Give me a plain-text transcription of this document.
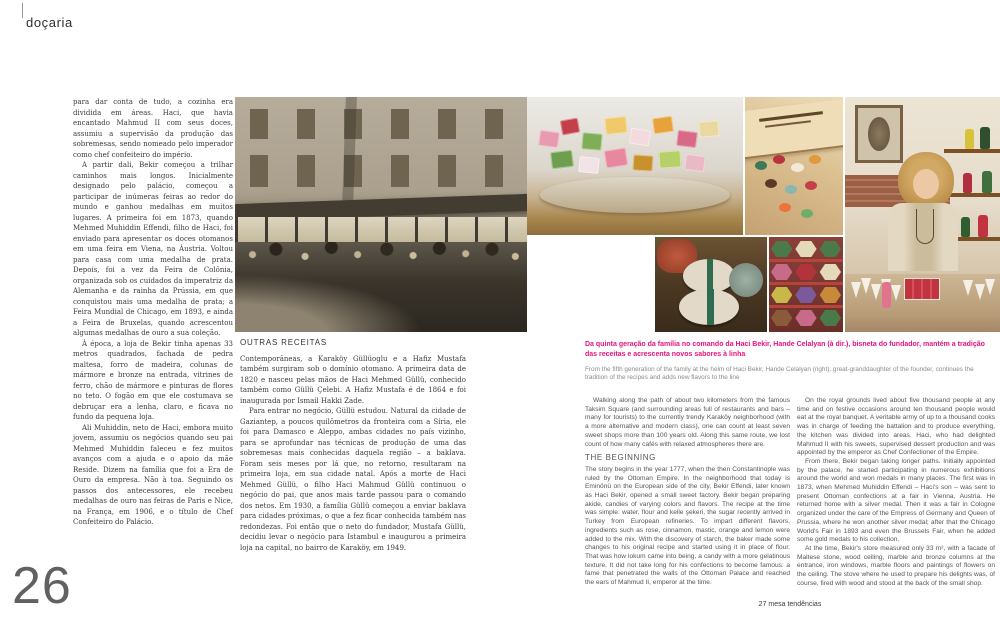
doçaria

para dar conta de tudo, a cozinha era dividida em áreas. Haci, que havia encantado Mahmud II com seus doces, assumiu a supervisão da produção das sobremesas, sendo nomeado pelo imperador como chef confeiteiro do império.

A partir dali, Bekir começou a trilhar caminhos mais longos. Inicialmente designado pelo palácio, começou a participar de inúmeras feiras ao redor do mundo e ganhou medalhas em muitos lugares. A primeira foi em 1873, quando Mehmed Muhiddin Effendi, filho de Haci, foi enviado para apresentar os doces otomanos em uma feira em Viena, na Áustria. Voltou para casa com uma medalha de prata. Depois, foi a vez da Feira de Colônia, organizada sob os cuidados da imperatriz da Alemanha e da rainha da Prússia, em que conquistou mais uma medalha de prata; a Feira Mundial de Chicago, em 1893, e ainda a Feira de Bruxelas, quando acrescentou algumas medalhas de ouro a sua coleção.

À época, a loja de Bekir tinha apenas 33 metros quadrados, fachada de pedra maltesa, forro de madeira, colunas de mármore e bronze na entrada, vitrines de ferro, chão de mármore e pinturas de flores no teto. O fogão em que ele costumava se debruçar era a lenha, claro, e ficava no fundo da pequena loja.

Ali Muhiddin, neto de Haci, embora muito jovem, assumiu os negócios quando seu pai Mehmed Muhiddin faleceu e fez muitos avanços com a ajuda e o apoio da mãe Reside. Dizem na família que foi a Era de Ouro da empresa. Não à toa. Seguindo os passos dos antecessores, ele recebeu medalhas de ouro nas feiras de Paris e Nice, na França, em 1906, e o título de Chef Confeiteiro do Palácio.

OUTRAS RECEITAS

Contemporâneas, a Karaköy Güllüoglu e a Hafiz Mustafa também surgiram sob o domínio otomano. A primeira data de 1820 e nasceu pelas mãos de Haci Mehmed Güllü, conhecido também como Güllü Çelebi. A Hafiz Mustafa é de 1864 e foi inaugurada por Ismail Hakki Zade.

Para entrar no negócio, Güllü estudou. Natural da cidade de Gaziantep, a poucos quilômetros da fronteira com a Síria, ele foi para Damasco e Aleppo, ambas cidades no país vizinho, para se aprofundar nas técnicas de produção de uma das sobremesas mais conhecidas daquela região – a baklava. Foram seis meses por lá que, no retorno, resultaram na primeira loja, em sua cidade natal. Após a morte de Haci Mehmed Güllü, o filho Haci Mahmud Güllü continuou o negócio do pai, que anos mais tarde passou para o comando dos netos. Em 1930, a família Güllü começou a enviar baklava para cidades próximas, o que a fez ficar conhecida também nas redondezas. Foi então que o neto do fundador, Mustafa Güllü, decidiu levar o negócio para Istambul e inaugurou a primeira loja na capital, no bairro de Karaköy, em 1949.

Da quinta geração da família no comando da Haci Bekir, Hande Celalyan (à dir.), bisneta do fundador, mantém a tradição das receitas e acrescenta novos sabores à linha
From the fifth generation of the family at the helm of Haci Bekir, Hande Celalyan (right), great-granddaughter of the founder, continues the tradition of the recipes and adds new flavors to the line

Walking along the path of about two kilometers from the famous Taksim Square (and surrounding areas full of restaurants and bars – many for tourists) to the currently trendy Karaköy neighborhood (with a more alternative and modern class), one can count at least seven sweet shops more than 100 years old. Along this same route, we lost count of how many cafés with relaxed atmospheres there are.

THE BEGINNING

The story begins in the year 1777, when the then Constantinople was ruled by the Ottoman Empire. In the neighborhood that today is Eminönü on the European side of the city, Bekir Effendi, later known as Haci Bekir, opened a small sweet factory. Bekir began preparing akide, candies of varying colors and flavors. The recipe at the time was simple: water, flour and kelle şekeri, the sugar recently arrived in Turkey from European refineries. To impart different flavors, ingredients such as rose, cinnamon, mastic, orange and lemon were added to the mix. With the discovery of starch, the baker made some changes to his original recipe and started using it in place of flour. That was how lokum came into being, a candy with a more gelatinous texture. It did not take long for his confections to become famous: a fame that penetrated the walls of the Ottoman Palace and reached the ears of Mahmud II, emperor at the time.

On the royal grounds lived about five thousand people at any time and on festive occasions around ten thousand people would eat at the royal banquet. A veritable army of up to a thousand cooks was in charge of feeding the battalion and to produce everything, the kitchen was divided into areas. Haci, who had delighted Mahmud II with his sweets, supervised dessert production and was appointed by the emperor as Chef Confectioner of the Empire.

From there, Bekir began taking longer paths. Initially appointed by the palace, he started participating in numerous exhibitions around the world and won medals in many places. The first was in 1873, when Mehmed Muhiddin Effendi – Haci's son – was sent to present Ottoman confections at a fair in Vienna, Austria. He returned home with a silver medal. Then it was a fair in Cologne organized under the care of the Empress of Germany and Queen of Prussia, where he won another silver medal; after that the Chicago World's Fair in 1893 and even the Brussels Fair, when he added some gold medals to his collection.

At the time, Bekir's store measured only 33 m², with a facade of Maltese stone, wood ceiling, marble and bronze columns at the entrance, iron windows, marble floors and paintings of flowers on the ceiling. The stove where he used to prepare his delights was, of course, fired with wood and stood at the back of the small shop.

26	27 mesa tendências
